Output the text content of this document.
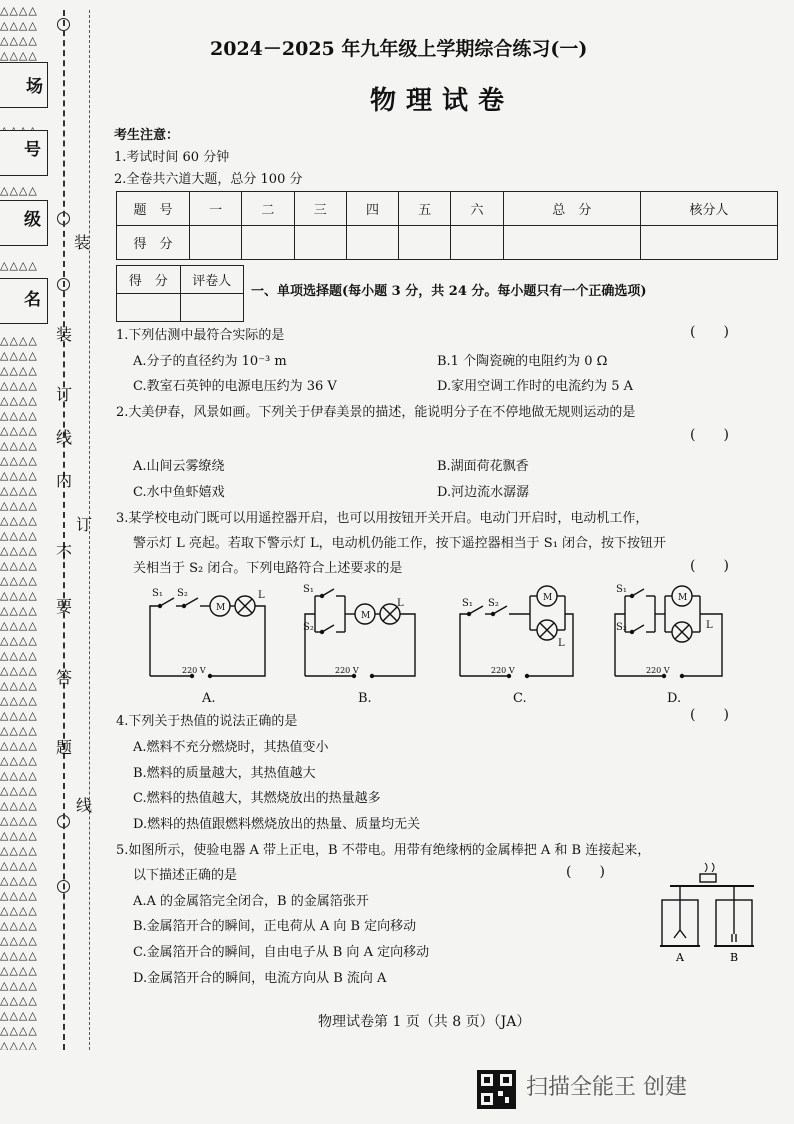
△△△△
△△△△
△△△△
△△△△
△△△△
△△△△
△△△△
△△△△
△△△△
△△△△
△△△△
△△△△
△△△△
△△△△
△△△△
△△△△
△△△△
△△△△
△△△△
△△△△
△△△△
△△△△
△△△△
△△△△
△△△△
△△△△
△△△△
△△△△
△△△△
△△△△
△△△△
△△△△
△△△△
△△△△
△△△△
△△△△
△△△△
△△△△
△△△△
△△△△
△△△△
△△△△
△△△△
△△△△
△△△△
△△△△
△△△△
△△△△
△△△△
△△△△
△△△△
△△△△
△△△△
△△△△
场
号
级
名
装
装
订
线
内
不
要
答
题
订
线
2024－2025 年九年级上学期综合练习(一)
物理试卷
考生注意：
1.考试时间 60 分钟
2.全卷共六道大题，总分 100 分
题　号	一	二	三	四	五	六	总　分	核分人
得　分								
得　分	评卷人

一、单项选择题(每小题 3 分，共 24 分。每小题只有一个正确选项)
1.下列估测中最符合实际的是	(　　)
A.分子的直径约为 10⁻³ m	B.1 个陶瓷碗的电阻约为 0 Ω
C.教室石英钟的电源电压约为 36 V	D.家用空调工作时的电流约为 5 A
2.大美伊春，风景如画。下列关于伊春美景的描述，能说明分子在不停地做无规则运动的是
(　　)
A.山间云雾缭绕	B.湖面荷花飘香
C.水中鱼虾嬉戏	D.河边流水潺潺
3.某学校电动门既可以用遥控器开启，也可以用按钮开关开启。电动门开启时，电动机工作，
警示灯 L 亮起。若取下警示灯 L，电动机仍能工作，按下遥控器相当于 S₁ 闭合，按下按钮开
关相当于 S₂ 闭合。下列电路符合上述要求的是	(　　)
S₁ S₂
M
L
220 V
S₁
S₂
M
L
220 V
S₁ S₂	M
L
220 V
S₁
S₂
M
L
220 V
A.	B.	C.	D.
4.下列关于热值的说法正确的是	(　　)
A.燃料不充分燃烧时，其热值变小
B.燃料的质量越大，其热值越大
C.燃料的热值越大，其燃烧放出的热量越多
D.燃料的热值跟燃料燃烧放出的热量、质量均无关
5.如图所示，使验电器 A 带上正电，B 不带电。用带有绝缘柄的金属棒把 A 和 B 连接起来，
以下描述正确的是	(　　)
A.A 的金属箔完全闭合，B 的金属箔张开
B.金属箔开合的瞬间，正电荷从 A 向 B 定向移动
C.金属箔开合的瞬间，自由电子从 B 向 A 定向移动
D.金属箔开合的瞬间，电流方向从 B 流向 A
A	B
物理试卷第 1 页（共 8 页）（JA）
扫描全能王 创建
